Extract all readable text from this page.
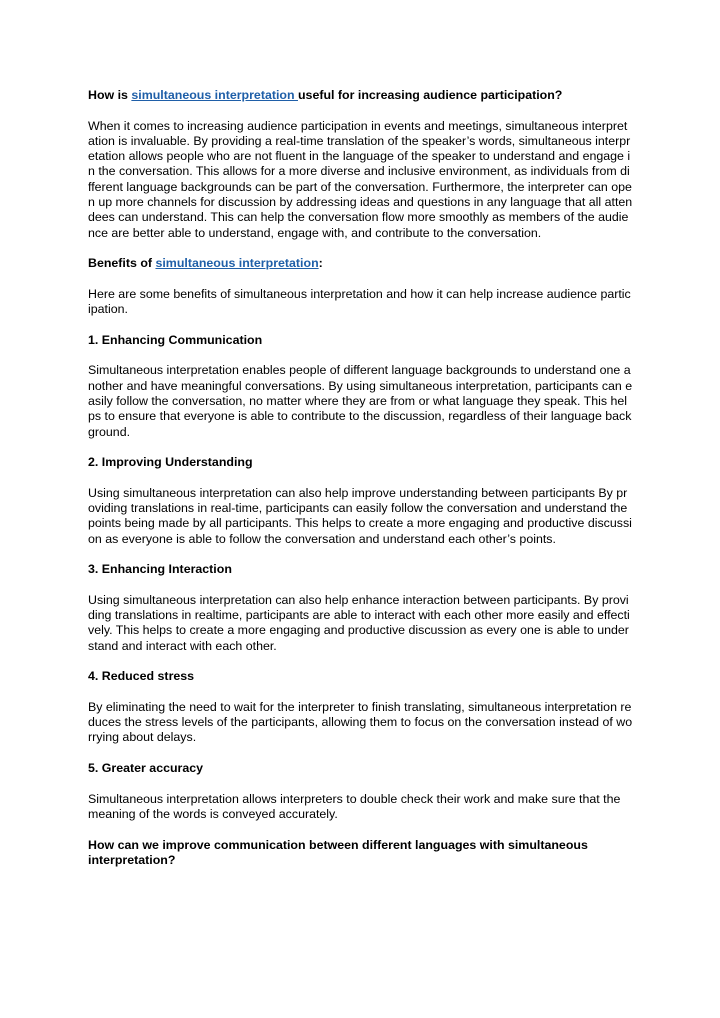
How is simultaneous interpretation useful for increasing audience participation?

When it comes to increasing audience participation in events and meetings, simultaneous interpretation is invaluable. By providing a real-time translation of the speaker’s words, simultaneous interpretation allows people who are not fluent in the language of the speaker to understand and engage in the conversation. This allows for a more diverse and inclusive environment, as individuals from different language backgrounds can be part of the conversation. Furthermore, the interpreter can open up more channels for discussion by addressing ideas and questions in any language that all attendees can understand. This can help the conversation flow more smoothly as members of the audience are better able to understand, engage with, and contribute to the conversation.

Benefits of simultaneous interpretation:

Here are some benefits of simultaneous interpretation and how it can help increase audience participation.

1. Enhancing Communication

Simultaneous interpretation enables people of different language backgrounds to understand one another and have meaningful conversations. By using simultaneous interpretation, participants can easily follow the conversation, no matter where they are from or what language they speak. This helps to ensure that everyone is able to contribute to the discussion, regardless of their language background.

2. Improving Understanding

Using simultaneous interpretation can also help improve understanding between participants By providing translations in real-time, participants can easily follow the conversation and understand the points being made by all participants. This helps to create a more engaging and productive discussion as everyone is able to follow the conversation and understand each other’s points.

3. Enhancing Interaction

Using simultaneous interpretation can also help enhance interaction between participants. By providing translations in realtime, participants are able to interact with each other more easily and effectively. This helps to create a more engaging and productive discussion as every one is able to understand and interact with each other.

4. Reduced stress

By eliminating the need to wait for the interpreter to finish translating, simultaneous interpretation reduces the stress levels of the participants, allowing them to focus on the conversation instead of worrying about delays.

5. Greater accuracy

Simultaneous interpretation allows interpreters to double check their work and make sure that the meaning of the words is conveyed accurately.

How can we improve communication between different languages with simultaneous interpretation?
